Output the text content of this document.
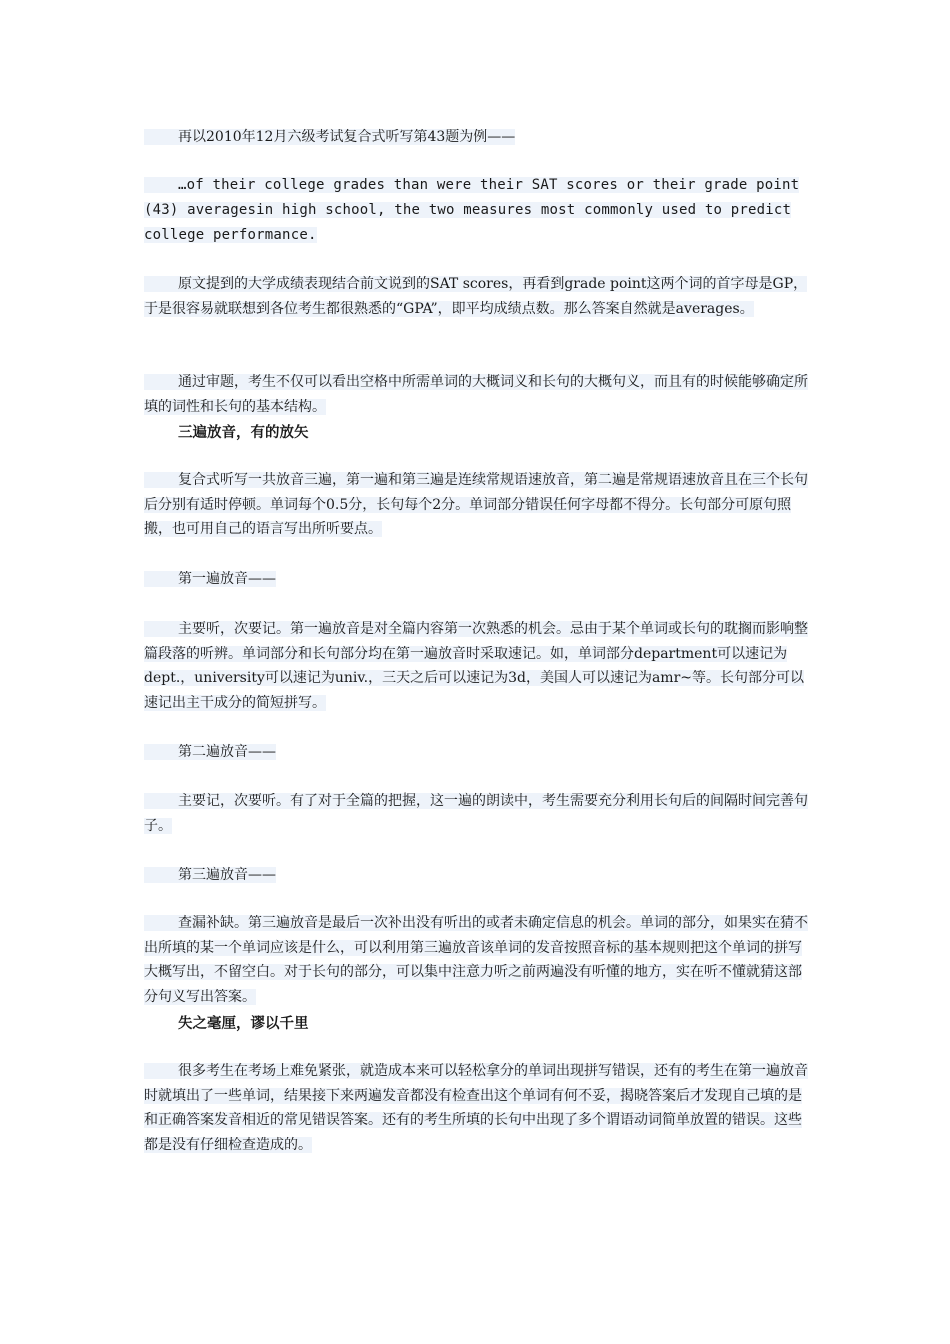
再以2010年12月六级考试复合式听写第43题为例——
…of their college grades than were their SAT scores or their grade point (43) averagesin high school, the two measures most commonly used to predict college performance.
原文提到的大学成绩表现结合前文说到的SAT scores，再看到grade point这两个词的首字母是GP，于是很容易就联想到各位考生都很熟悉的“GPA”，即平均成绩点数。那么答案自然就是averages。
通过审题，考生不仅可以看出空格中所需单词的大概词义和长句的大概句义，而且有的时候能够确定所填的词性和长句的基本结构。
三遍放音，有的放矢
复合式听写一共放音三遍，第一遍和第三遍是连续常规语速放音，第二遍是常规语速放音且在三个长句后分别有适时停顿。单词每个0.5分，长句每个2分。单词部分错误任何字母都不得分。长句部分可原句照搬，也可用自己的语言写出所听要点。
第一遍放音——
主要听，次要记。第一遍放音是对全篇内容第一次熟悉的机会。忌由于某个单词或长句的耽搁而影响整篇段落的听辨。单词部分和长句部分均在第一遍放音时采取速记。如，单词部分department可以速记为dept.，university可以速记为univ.，三天之后可以速记为3d，美国人可以速记为amr~等。长句部分可以速记出主干成分的简短拼写。
第二遍放音——
主要记，次要听。有了对于全篇的把握，这一遍的朗读中，考生需要充分利用长句后的间隔时间完善句子。
第三遍放音——
查漏补缺。第三遍放音是最后一次补出没有听出的或者未确定信息的机会。单词的部分，如果实在猜不出所填的某一个单词应该是什么，可以利用第三遍放音该单词的发音按照音标的基本规则把这个单词的拼写大概写出，不留空白。对于长句的部分，可以集中注意力听之前两遍没有听懂的地方，实在听不懂就猜这部分句义写出答案。
失之毫厘，谬以千里
很多考生在考场上难免紧张，就造成本来可以轻松拿分的单词出现拼写错误，还有的考生在第一遍放音时就填出了一些单词，结果接下来两遍发音都没有检查出这个单词有何不妥，揭晓答案后才发现自己填的是和正确答案发音相近的常见错误答案。还有的考生所填的长句中出现了多个谓语动词简单放置的错误。这些都是没有仔细检查造成的。
